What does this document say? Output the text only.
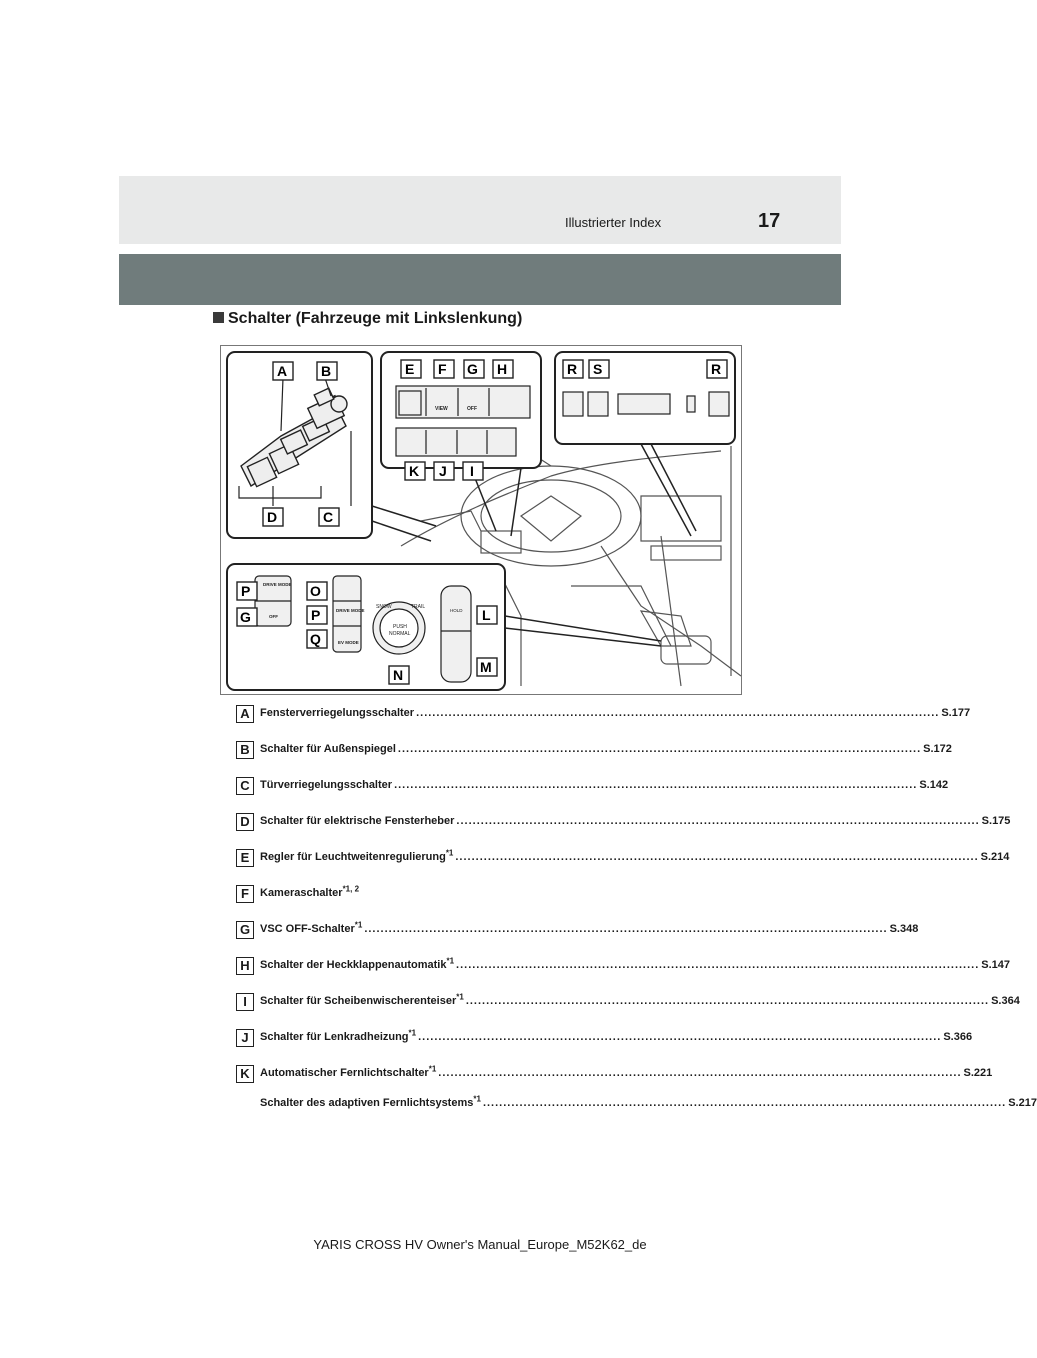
17
Illustrierter Index
Schalter (Fahrzeuge mit Linkslenkung)
VIEW	OFF
DRIVE MODE
OFF
DRIVE MODE
EV MODE
SNOW	TRAIL
PUSH
NORMAL
HOLD
A B
C
D
E F G H
I
J
K
L
M
N
O
P
P
G
Q
R S	R
A Fensterverriegelungsschalter ................................................................................................................................. S.177
B Schalter für Außenspiegel ................................................................................................................................. S.172
C Türverriegelungsschalter ................................................................................................................................. S.142
D Schalter für elektrische Fensterheber ................................................................................................................................. S.175
E Regler für Leuchtweitenregulierung$^{*1}$ ................................................................................................................................. S.214
F	Kameraschalter$^{*1, 2}$
G VSC OFF-Schalter$^{*1}$ ................................................................................................................................. S.348
H Schalter der Heckklappenautomatik$^{*1}$ ................................................................................................................................. S.147
I	Schalter für Scheibenwischerenteiser$^{*1}$ ................................................................................................................................. S.364
J	Schalter für Lenkradheizung$^{*1}$ ................................................................................................................................. S.366
K Automatischer Fernlichtschalter$^{*1}$ ................................................................................................................................. S.221
Schalter des adaptiven Fernlichtsystems$^{*1}$ ................................................................................................................................. S.217
YARIS CROSS HV Owner's Manual_Europe_M52K62_de
